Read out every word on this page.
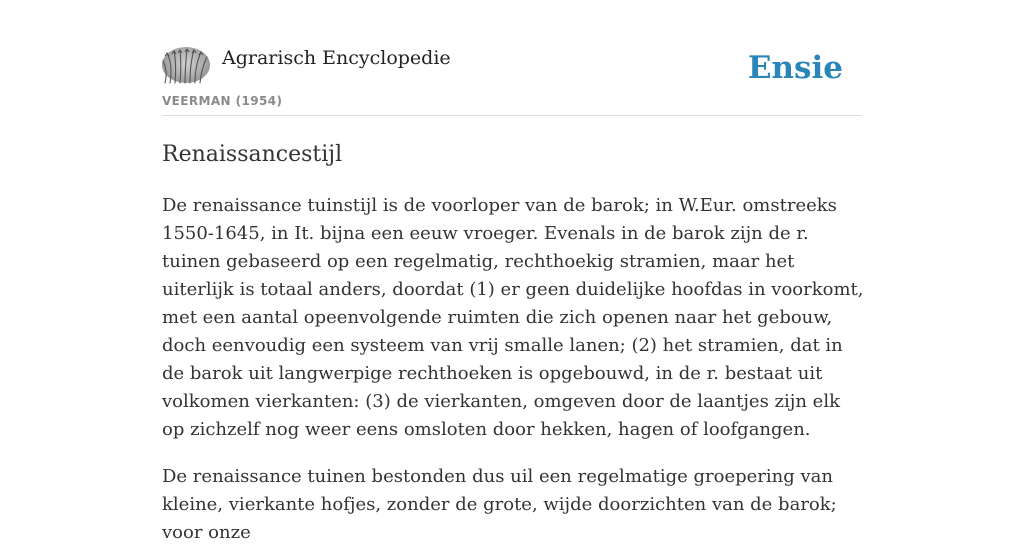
Agrarisch Encyclopedie
VEERMAN (1954)
Ensie
Renaissancestijl

De renaissance tuinstijl is de voorloper van de barok; in W.Eur. omstreeks 1550-1645, in It. bijna een eeuw vroeger. Evenals in de barok zijn de r. tuinen gebaseerd op een regelmatig, rechthoekig stramien, maar het uiterlijk is totaal anders, doordat (1) er geen duidelijke hoofdas in voorkomt, met een aantal opeenvolgende ruimten die zich openen naar het gebouw, doch eenvoudig een systeem van vrij smalle lanen; (2) het stramien, dat in de barok uit langwerpige rechthoeken is opgebouwd, in de r. bestaat uit volkomen vierkanten: (3) de vierkanten, omgeven door de laantjes zijn elk op zichzelf nog weer eens omsloten door hekken, hagen of loofgangen.

De renaissance tuinen bestonden dus uil een regelmatige groepering van kleine, vierkante hofjes, zonder de grote, wijde doorzichten van de barok; voor onze
